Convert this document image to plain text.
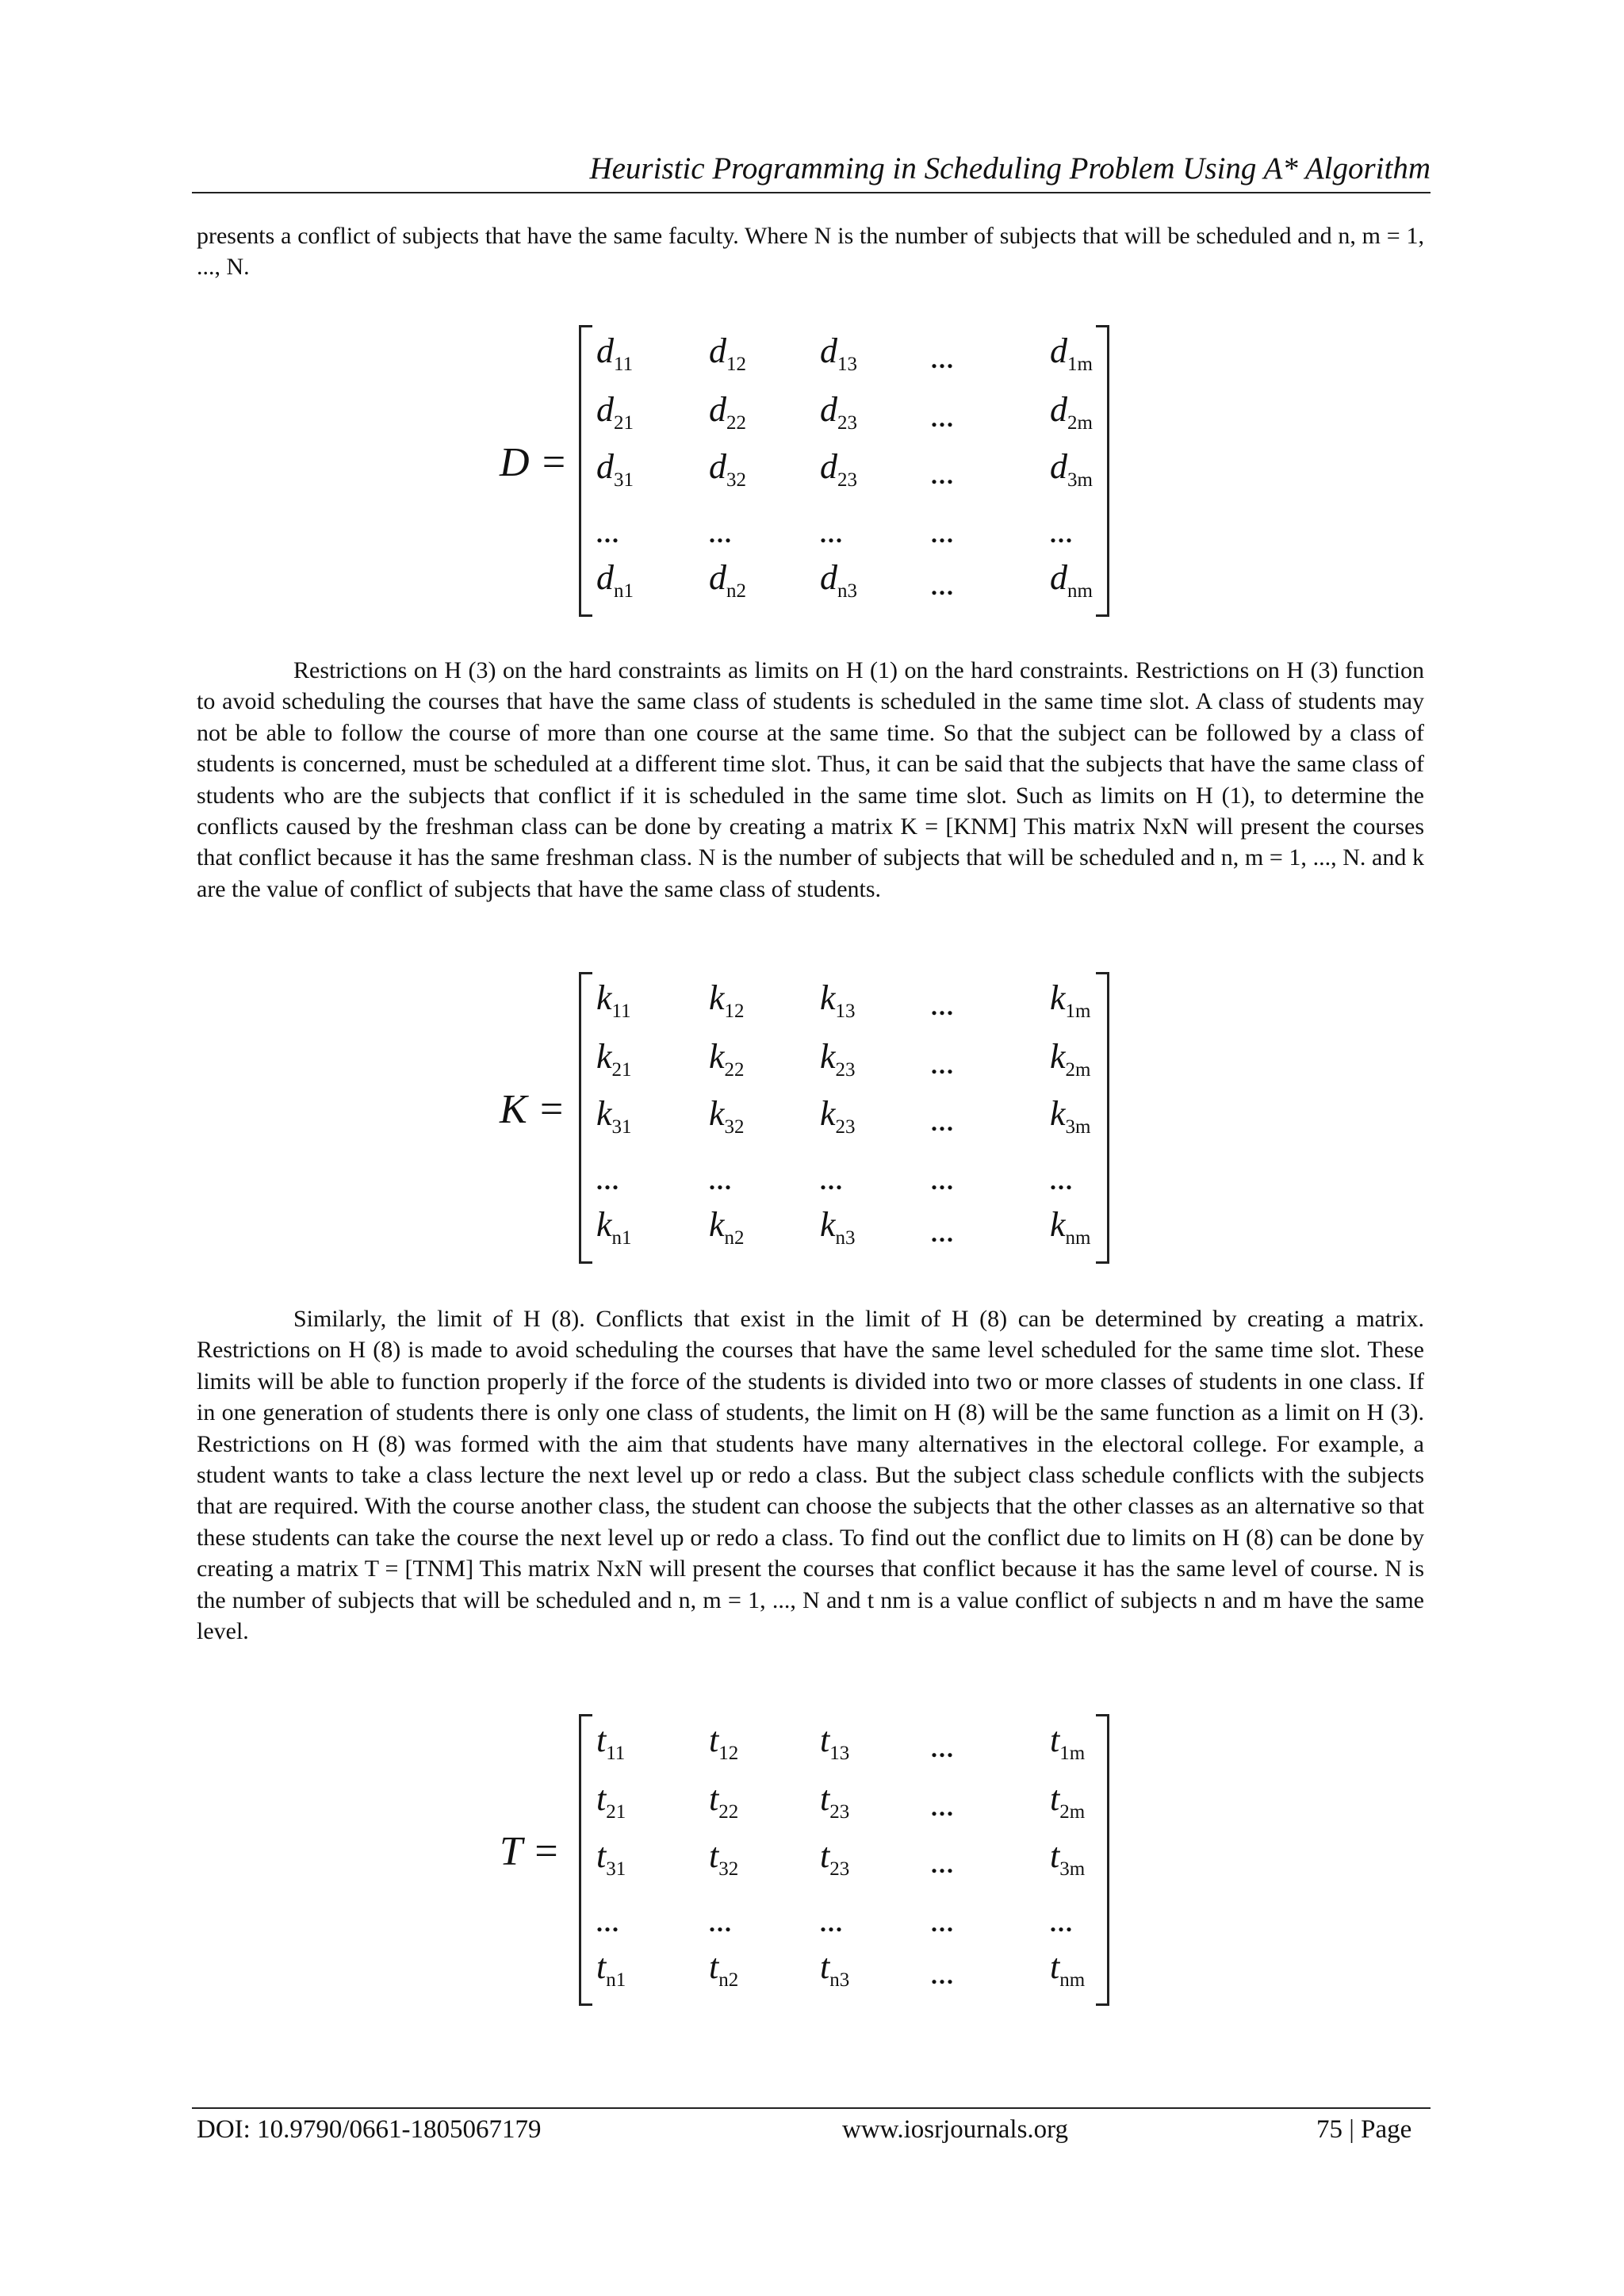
Heuristic Programming in Scheduling Problem Using A* Algorithm

presents a conflict of subjects that have the same faculty. Where N is the number of subjects that will be scheduled and n, m = 1, ..., N.

D =
$d_{11}$ $d_{12}$ $d_{13}$	...	$d_{1m}$
$d_{21}$ $d_{22}$ $d_{23}$	...	$d_{2m}$
$d_{31}$ $d_{32}$ $d_{23}$	...	$d_{3m}$
...	...	...	...	...
$d_{n1}$ $d_{n2}$ $d_{n3}$	...	$d_{nm}$

Restrictions on H (3) on the hard constraints as limits on H (1) on the hard constraints. Restrictions on H (3) function to avoid scheduling the courses that have the same class of students is scheduled in the same time slot. A class of students may not be able to follow the course of more than one course at the same time. So that the subject can be followed by a class of students is concerned, must be scheduled at a different time slot. Thus, it can be said that the subjects that have the same class of students who are the subjects that conflict if it is scheduled in the same time slot. Such as limits on H (1), to determine the conflicts caused by the freshman class can be done by creating a matrix K = [KNM] This matrix NxN will present the courses that conflict because it has the same freshman class. N is the number of subjects that will be scheduled and n, m = 1, ..., N. and k are the value of conflict of subjects that have the same class of students.

K =
$k_{11}$ $k_{12}$ $k_{13}$	...	$k_{1m}$
$k_{21}$ $k_{22}$ $k_{23}$	...	$k_{2m}$
$k_{31}$ $k_{32}$ $k_{23}$	...	$k_{3m}$
...	...	...	...	...
$k_{n1}$ $k_{n2}$ $k_{n3}$	...	$k_{nm}$

Similarly, the limit of H (8). Conflicts that exist in the limit of H (8) can be determined by creating a matrix. Restrictions on H (8) is made to avoid scheduling the courses that have the same level scheduled for the same time slot. These limits will be able to function properly if the force of the students is divided into two or more classes of students in one class. If in one generation of students there is only one class of students, the limit on H (8) will be the same function as a limit on H (3). Restrictions on H (8) was formed with the aim that students have many alternatives in the electoral college. For example, a student wants to take a class lecture the next level up or redo a class. But the subject class schedule conflicts with the subjects that are required. With the course another class, the student can choose the subjects that the other classes as an alternative so that these students can take the course the next level up or redo a class. To find out the conflict due to limits on H (8) can be done by creating a matrix T = [TNM] This matrix NxN will present the courses that conflict because it has the same level of course. N is the number of subjects that will be scheduled and n, m = 1, ..., N and t nm is a value conflict of subjects n and m have the same level.

T =
$t_{11}$ $t_{12}$ $t_{13}$	...	$t_{1m}$
$t_{21}$ $t_{22}$ $t_{23}$	...	$t_{2m}$
$t_{31}$ $t_{32}$ $t_{23}$	...	$t_{3m}$
...	...	...	...	...
$t_{n1}$ $t_{n2}$ $t_{n3}$	...	$t_{nm}$
DOI: 10.9790/0661-1805067179	www.iosrjournals.org	75 | Page
